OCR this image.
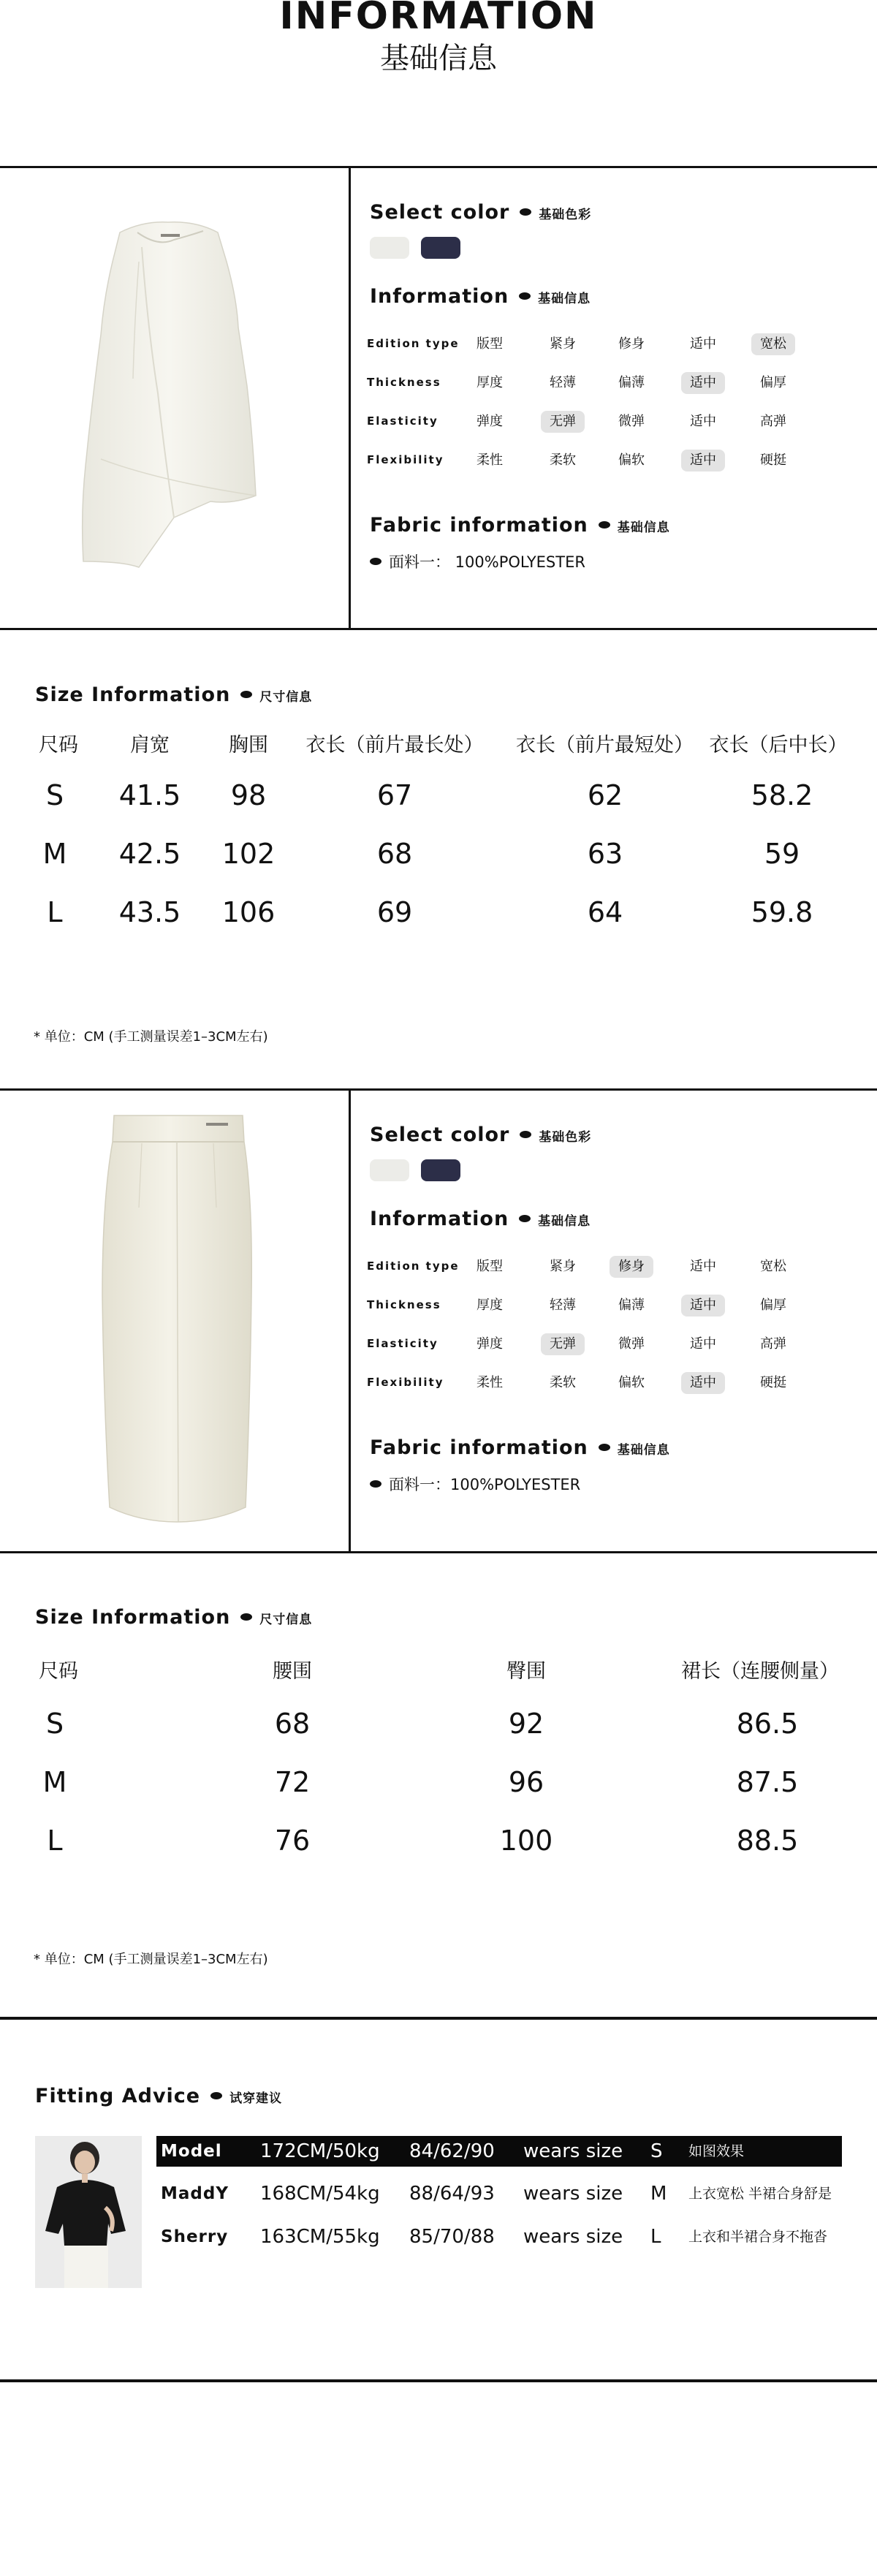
INFORMATION
基础信息
Select color 基础色彩
Information 基础信息
Edition type	版型	紧身	修身	适中	宽松
Thickness	厚度	轻薄	偏薄	适中	偏厚
Elasticity	弹度	无弹	微弹	适中	高弹
Flexibility	柔性	柔软	偏软	适中	硬挺
Fabric information 基础信息
面料一： 100%POLYESTER
Size Information 尺寸信息
尺码	肩宽	胸围	衣长（前片最长处）	衣长（前片最短处） 衣长（后中长）
S	41.5	98	67	62	58.2
M	42.5	102	68	63	59
L	43.5	106	69	64	59.8
* 单位：CM (手工测量误差1–3CM左右)
Select color 基础色彩
Information 基础信息
Edition type	版型	紧身	修身	适中	宽松
Thickness	厚度	轻薄	偏薄	适中	偏厚
Elasticity	弹度	无弹	微弹	适中	高弹
Flexibility	柔性	柔软	偏软	适中	硬挺
Fabric information 基础信息
面料一：100%POLYESTER
Size Information 尺寸信息
尺码	腰围	臀围	裙长（连腰侧量）
S	68	92	86.5
M	72	96	87.5
L	76	100	88.5
* 单位：CM (手工测量误差1–3CM左右)
Fitting Advice 试穿建议
Model 172CM/50kg 84/62/90 wears size S 如图效果
MaddY 168CM/54kg 88/64/93 wears size M 上衣宽松 半裙合身舒是
Sherry 163CM/55kg 85/70/88 wears size L 上衣和半裙合身不拖沓
